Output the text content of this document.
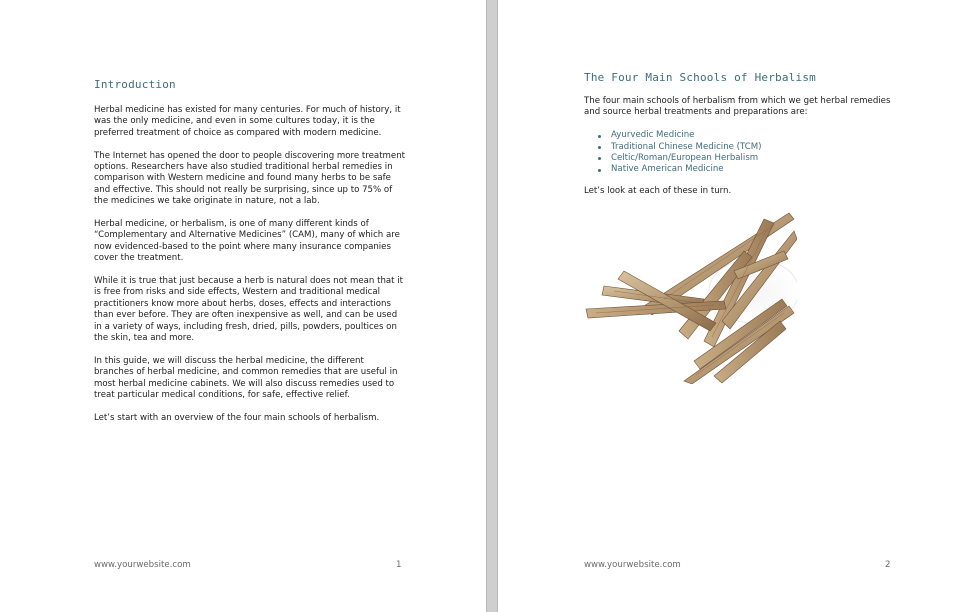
Introduction

Herbal medicine has existed for many centuries. For much of history, it was the only medicine, and even in some cultures today, it is the preferred treatment of choice as compared with modern medicine.

The Internet has opened the door to people discovering more treatment options. Researchers have also studied traditional herbal remedies in comparison with Western medicine and found many herbs to be safe and effective. This should not really be surprising, since up to 75% of the medicines we take originate in nature, not a lab.

Herbal medicine, or herbalism, is one of many different kinds of “Complementary and Alternative Medicines” (CAM), many of which are now evidenced-based to the point where many insurance companies cover the treatment.

While it is true that just because a herb is natural does not mean that it is free from risks and side effects, Western and traditional medical practitioners know more about herbs, doses, effects and interactions than ever before. They are often inexpensive as well, and can be used in a variety of ways, including fresh, dried, pills, powders, poultices on the skin, tea and more.

In this guide, we will discuss the herbal medicine, the different branches of herbal medicine, and common remedies that are useful in most herbal medicine cabinets. We will also discuss remedies used to treat particular medical conditions, for safe, effective relief.

Let’s start with an overview of the four main schools of herbalism.

www.yourwebsite.com	1
The Four Main Schools of Herbalism

The four main schools of herbalism from which we get herbal remedies and source herbal treatments and preparations are:

Ayurvedic Medicine
Traditional Chinese Medicine (TCM)
Celtic/Roman/European Herbalism
Native American Medicine

Let’s look at each of these in turn.

www.yourwebsite.com	2
